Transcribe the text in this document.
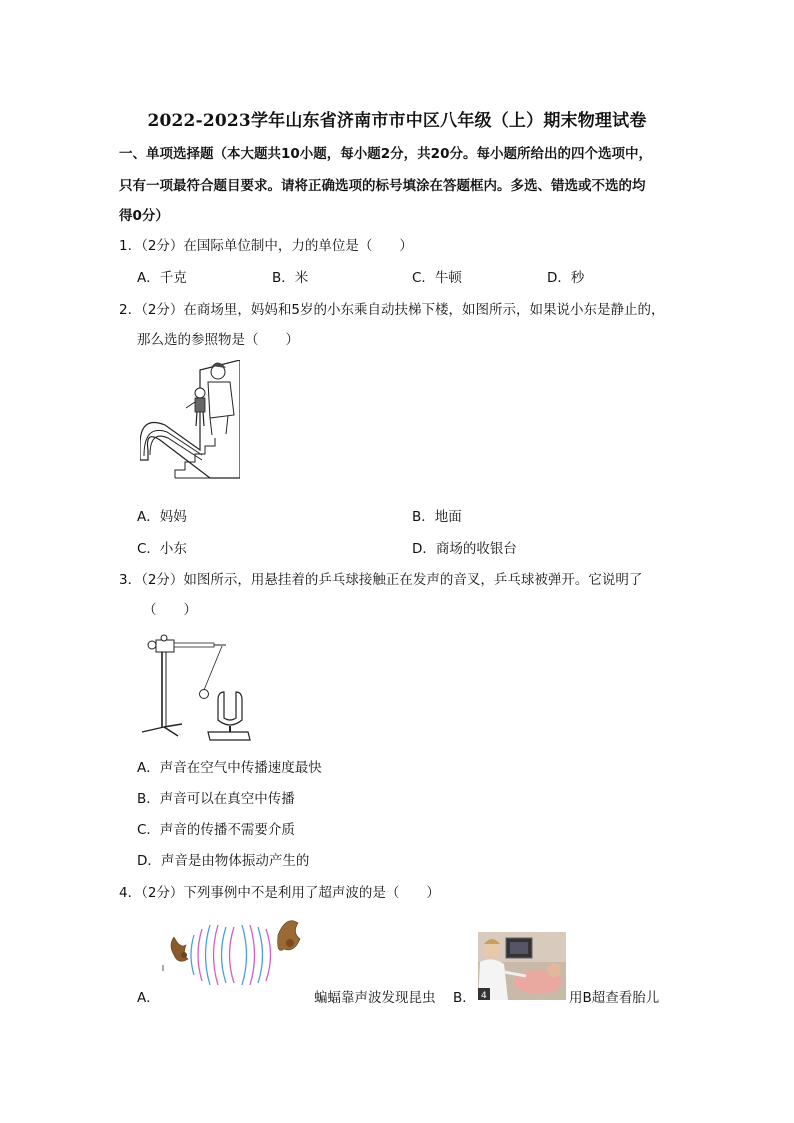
2022-2023学年山东省济南市市中区八年级（上）期末物理试卷
一、单项选择题（本大题共10小题，每小题2分，共20分。每小题所给出的四个选项中，
只有一项最符合题目要求。请将正确选项的标号填涂在答题框内。多选、错选或不选的均
得0分）
1．（2分）在国际单位制中，力的单位是（　　）
A．千克	B．米	C．牛顿	D．秒
2．（2分）在商场里，妈妈和5岁的小东乘自动扶梯下楼，如图所示，如果说小东是静止的，
那么选的参照物是（　　）
A．妈妈	B．地面
C．小东	D．商场的收银台
3．（2分）如图所示，用悬挂着的乒乓球接触正在发声的音叉，乒乓球被弹开。它说明了
（　　）
A．声音在空气中传播速度最快
B．声音可以在真空中传播
C．声音的传播不需要介质
D．声音是由物体振动产生的
4．（2分）下列事例中不是利用了超声波的是（　　）
A．	蝙蝠靠声波发现昆虫 B． 4	用B超查看胎儿
